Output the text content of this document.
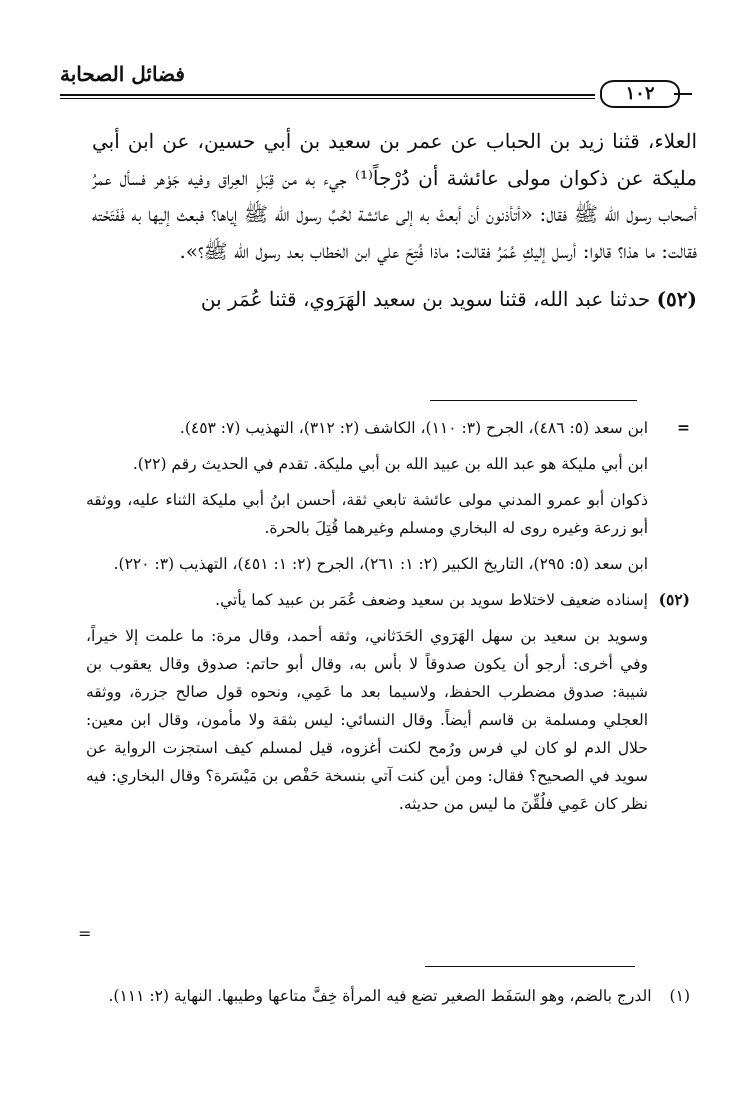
فضائل الصحابة
١٠٢

العلاء، قثنا زيد بن الحباب عن عمر بن سعيد بن أبي حسين، عن ابن أبي مليكة عن ذكوان مولى عائشة أن دُرْجاً⁽¹⁾ جيء به من قِبَلِ العِراق وفيه جَوْهر فسأل عمرُ أصحاب رسول الله ﷺ فقال: «أتأذنون أن أبعثَ به إلى عائشة لحُبِّ رسول الله ﷺ إياها؟ فبعث إليها به فَفَتَحْته فقالت: ما هذا؟ قالوا: أرسل إليكِ عُمَرُ فقالت: ماذا فُتِحَ علي ابن الخطاب بعد رسول الله ﷺ؟».

(٥٢) حدثنا عبد الله، قثنا سويد بن سعيد الهَرَوي، قثنا عُمَر بن

=
ابن سعد (٥: ٤٨٦)، الجرح (٣: ١١٠)، الكاشف (٢: ٣١٢)، التهذيب (٧: ٤٥٣).
ابن أبي مليكة هو عبد الله بن عبيد الله بن أبي مليكة. تقدم في الحديث رقم (٢٢).
ذكوان أبو عمرو المدني مولى عائشة تابعي ثقة، أحسن ابنُ أبي مليكة الثناء عليه، ووثقه أبو زرعة وغيره روى له البخاري ومسلم وغيرهما قُتِلَ بالحرة.
ابن سعد (٥: ٢٩٥)، التاريخ الكبير (٢: ١: ٢٦١)، الجرح (٢: ١: ٤٥١)، التهذيب (٣: ٢٢٠).
(٥٢)
إسناده ضعيف لاختلاط سويد بن سعيد وضعف عُمَر بن عبيد كما يأتي.
وسويد بن سعيد بن سهل الهَرَوي الحَدَثاني، وثقه أحمد، وقال مرة: ما علمت إلا خيراً، وفي أخرى: أرجو أن يكون صدوقاً لا بأس به، وقال أبو حاتم: صدوق وقال يعقوب بن شيبة: صدوق مضطرب الحفظ، ولاسيما بعد ما عَمِي، ونحوه قول صالح جزرة، ووثقه العجلي ومسلمة بن قاسم أيضاً. وقال النسائي: ليس بثقة ولا مأمون، وقال ابن معين: حلال الدم لو كان لي فرس ورُمح لكنت أغزوه، قيل لمسلم كيف استجزت الرواية عن سويد في الصحيح؟ فقال: ومن أين كنت آتي بنسخة حَفْص بن مَيْسَرة؟ وقال البخاري: فيه نظر كان عَمِي فلُقِّنَ ما ليس من حديثه.
=
(١)الدرج بالضم، وهو السَفَط الصغير تضع فيه المرأة خِفَّ متاعها وطيبها. النهاية (٢: ١١١).
